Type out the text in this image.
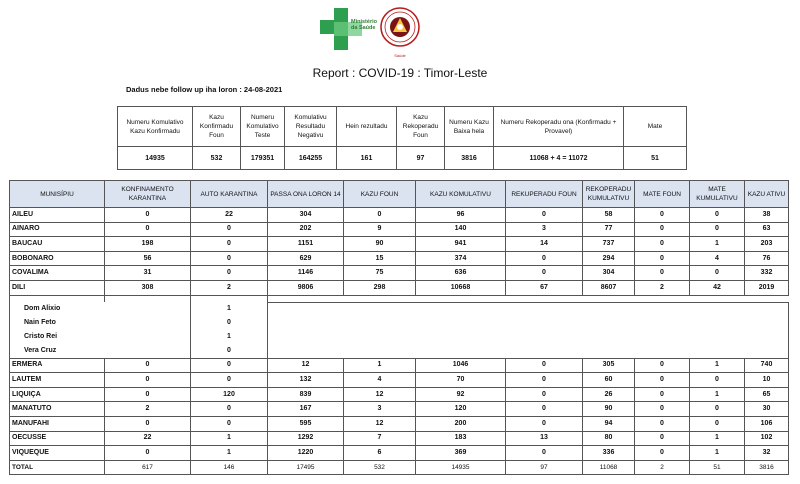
Ministério da Saúde
Saúde
Report : COVID-19 : Timor-Leste
Dadus nebe follow up iha loron : 24-08-2021
Numeru Komulativo Kazu Konfirmadu	Kazu Konfirmadu Foun	Numeru Komulativo Teste	Komulativu Resultadu Negativu	Hein rezultadu	Kazu Rekoperadu Foun	Numeru Kazu Baixa hela	Numeru Rekoperadu ona (Konfirmadu + Provavel)	Mate
14935	532	179351	164255	161	97	3816	11068 + 4 = 11072	51
MUNISÍPIU	KONFINAMENTO KARANTINA	AUTO KARANTINA	PASSA ONA LORON 14	KAZU FOUN	KAZU KOMULATIVU	REKUPERADU FOUN	REKOPERADU KUMULATIVU	MATE FOUN	MATE KUMULATIVU	KAZU ATIVU
AILEU	0	22	304	0	96	0	58	0	0	38
AINARO	0	0	202	9	140	3	77	0	0	63
BAUCAU	198	0	1151	90	941	14	737	0	1	203
BOBONARO	56	0	629	15	374	0	294	0	4	76
COVALIMA	31	0	1146	75	636	0	304	0	0	332
DILI	308	2	9806	298	10668	67	8607	2	42	2019

Dom Alixio		1								
Nain Feto		0								
Cristo Rei		1								
Vera Cruz		0								
ERMERA	0	0	12	1	1046	0	305	0	1	740
LAUTEM	0	0	132	4	70	0	60	0	0	10
LIQUIÇA	0	120	839	12	92	0	26	0	1	65
MANATUTO	2	0	167	3	120	0	90	0	0	30
MANUFAHI	0	0	595	12	200	0	94	0	0	106
OECUSSE	22	1	1292	7	183	13	80	0	1	102
VIQUEQUE	0	1	1220	6	369	0	336	0	1	32
TOTAL	617	146	17495	532	14935	97	11068	2	51	3816
